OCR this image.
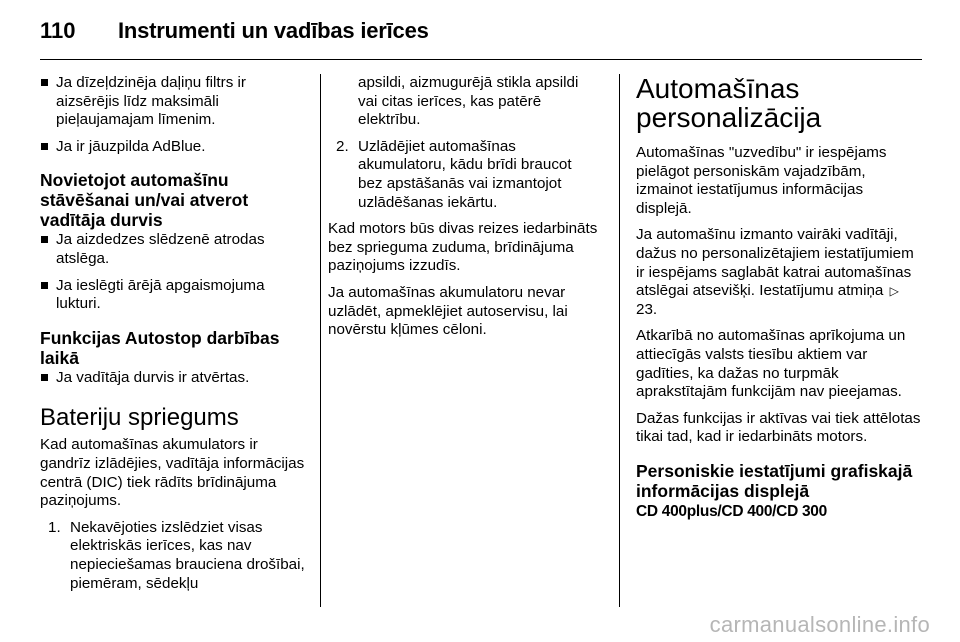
110	Instrumenti un vadības ierīces
Ja dīzeļdzinēja daļiņu filtrs ir aizsērējis līdz maksimāli pieļaujamajam līmenim.
Ja ir jāuzpilda AdBlue.
Novietojot automašīnu stāvēšanai un/vai atverot vadītāja durvis
Ja aizdedzes slēdzenē atrodas atslēga.
Ja ieslēgti ārējā apgaismojuma lukturi.
Funkcijas Autostop darbības laikā
Ja vadītāja durvis ir atvērtas.
Bateriju spriegums

Kad automašīnas akumulators ir gandrīz izlādējies, vadītāja informācijas centrā (DIC) tiek rādīts brīdinājuma paziņojums.

1. Nekavējoties izslēdziet visas elektriskās ierīces, kas nav nepieciešamas brauciena drošībai, piemēram, sēdekļu
apsildi, aizmugurējā stikla apsildi vai citas ierīces, kas patērē elektrību.
2. Uzlādējiet automašīnas akumulatoru, kādu brīdi braucot bez apstāšanās vai izmantojot uzlādēšanas iekārtu.

Kad motors būs divas reizes iedarbināts bez sprieguma zuduma, brīdinājuma paziņojums izzudīs.

Ja automašīnas akumulatoru nevar uzlādēt, apmeklējiet autoservisu, lai novērstu kļūmes cēloni.

Automašīnas personalizācija

Automašīnas "uzvedību" ir iespējams pielāgot personiskām vajadzībām, izmainot iestatījumus informācijas displejā.

Ja automašīnu izmanto vairāki vadītāji, dažus no personalizētajiem iestatījumiem ir iespējams saglabāt katrai automašīnas atslēgai atsevišķi. Iestatījumu atmiņa ▷ 23.

Atkarībā no automašīnas aprīkojuma un attiecīgās valsts tiesību aktiem var gadīties, ka dažas no turpmāk aprakstītajām funkcijām nav pieejamas.

Dažas funkcijas ir aktīvas vai tiek attēlotas tikai tad, kad ir iedarbināts motors.

Personiskie iestatījumi grafiskajā informācijas displejā
CD 400plus/CD 400/CD 300
carmanualsonline.info
